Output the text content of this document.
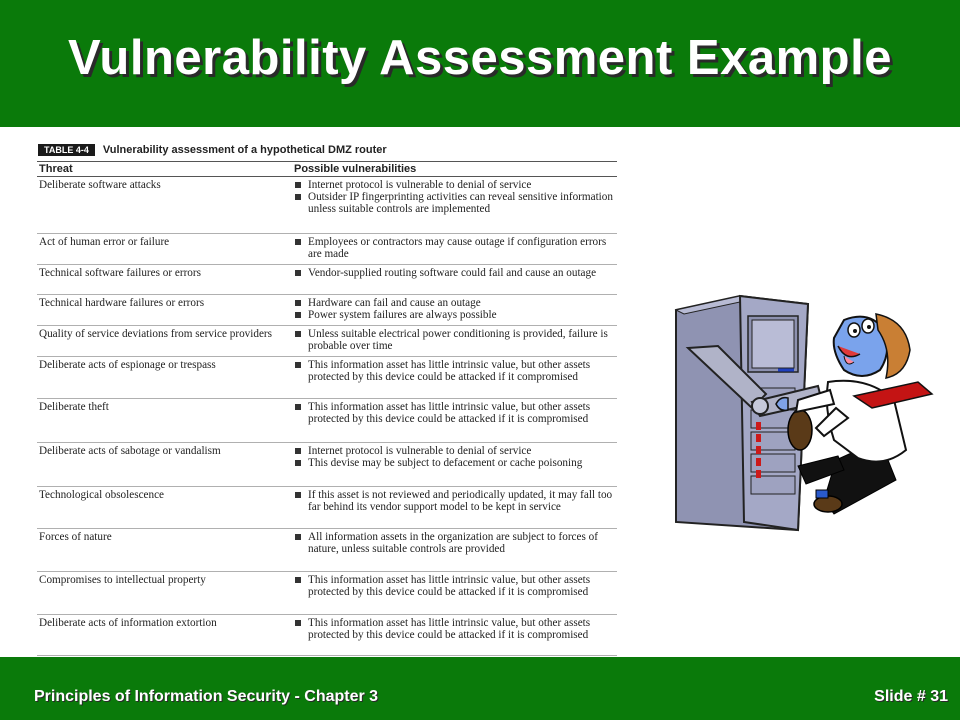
Vulnerability Assessment Example
TABLE 4-4	Vulnerability assessment of a hypothetical DMZ router
Threat	Possible vulnerabilities
Deliberate software attacks	Internet protocol is vulnerable to denial of service
Outsider IP fingerprinting activities can reveal sensitive information unless suitable controls are implemented
Act of human error or failure	Employees or contractors may cause outage if configuration errors are made
Technical software failures or errors	Vendor-supplied routing software could fail and cause an outage
Technical hardware failures or errors	Hardware can fail and cause an outage
Power system failures are always possible
Quality of service deviations from service providers	Unless suitable electrical power conditioning is provided, failure is probable over time
Deliberate acts of espionage or trespass	This information asset has little intrinsic value, but other assets protected by this device could be attacked if it compromised
Deliberate theft	This information asset has little intrinsic value, but other assets protected by this device could be attacked if it is compromised
Deliberate acts of sabotage or vandalism	Internet protocol is vulnerable to denial of service
This devise may be subject to defacement or cache poisoning
Technological obsolescence	If this asset is not reviewed and periodically updated, it may fall too far behind its vendor support model to be kept in service
Forces of nature	All information assets in the organization are subject to forces of nature, unless suitable controls are provided
Compromises to intellectual property	This information asset has little intrinsic value, but other assets protected by this device could be attacked if it is compromised
Deliberate acts of information extortion	This information asset has little intrinsic value, but other assets protected by this device could be attacked if it is compromised
Principles of Information Security - Chapter 3	Slide # 31
